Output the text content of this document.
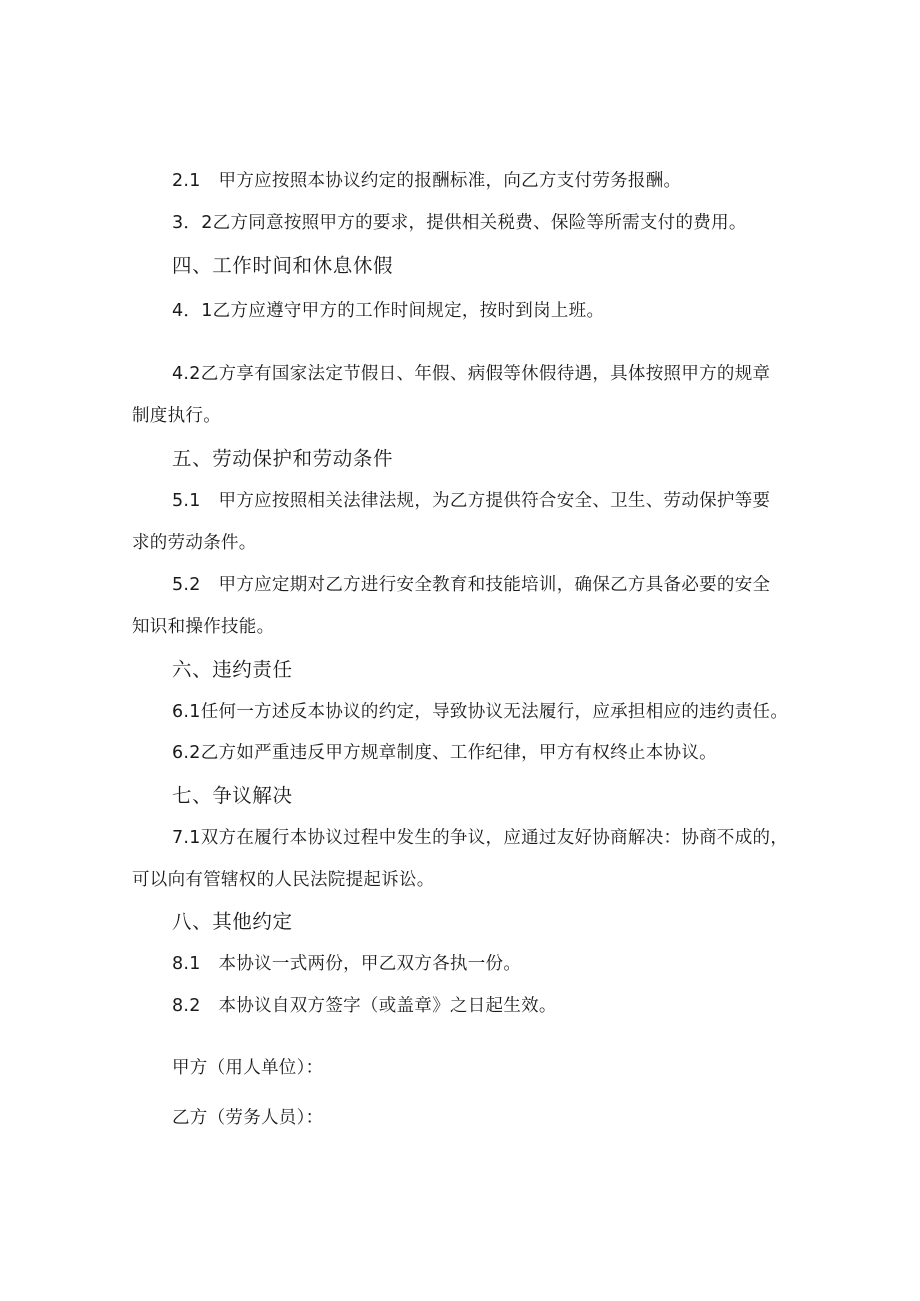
2.1　甲方应按照本协议约定的报酬标准，向乙方支付劳务报酬。
3．2乙方同意按照甲方的要求，提供相关税费、保险等所需支付的费用。
四、工作时间和休息休假
4．1乙方应遵守甲方的工作时间规定，按时到岗上班。
4.2乙方享有国家法定节假日、年假、病假等休假待遇，具体按照甲方的规章
制度执行。
五、劳动保护和劳动条件
5.1　甲方应按照相关法律法规，为乙方提供符合安全、卫生、劳动保护等要
求的劳动条件。
5.2　甲方应定期对乙方进行安全教育和技能培训，确保乙方具备必要的安全
知识和操作技能。
六、违约责任
6.1任何一方述反本协议的约定，导致协议无法履行，应承担相应的违约责任。
6.2乙方如严重违反甲方规章制度、工作纪律，甲方有权终止本协议。
七、争议解决
7.1双方在履行本协议过程中发生的争议，应通过友好协商解决：协商不成的，
可以向有管辖权的人民法院提起诉讼。
八、其他约定
8.1　本协议一式两份，甲乙双方各执一份。
8.2　本协议自双方签字（或盖章》之日起生效。
甲方（用人单位）：
乙方（劳务人员）：
